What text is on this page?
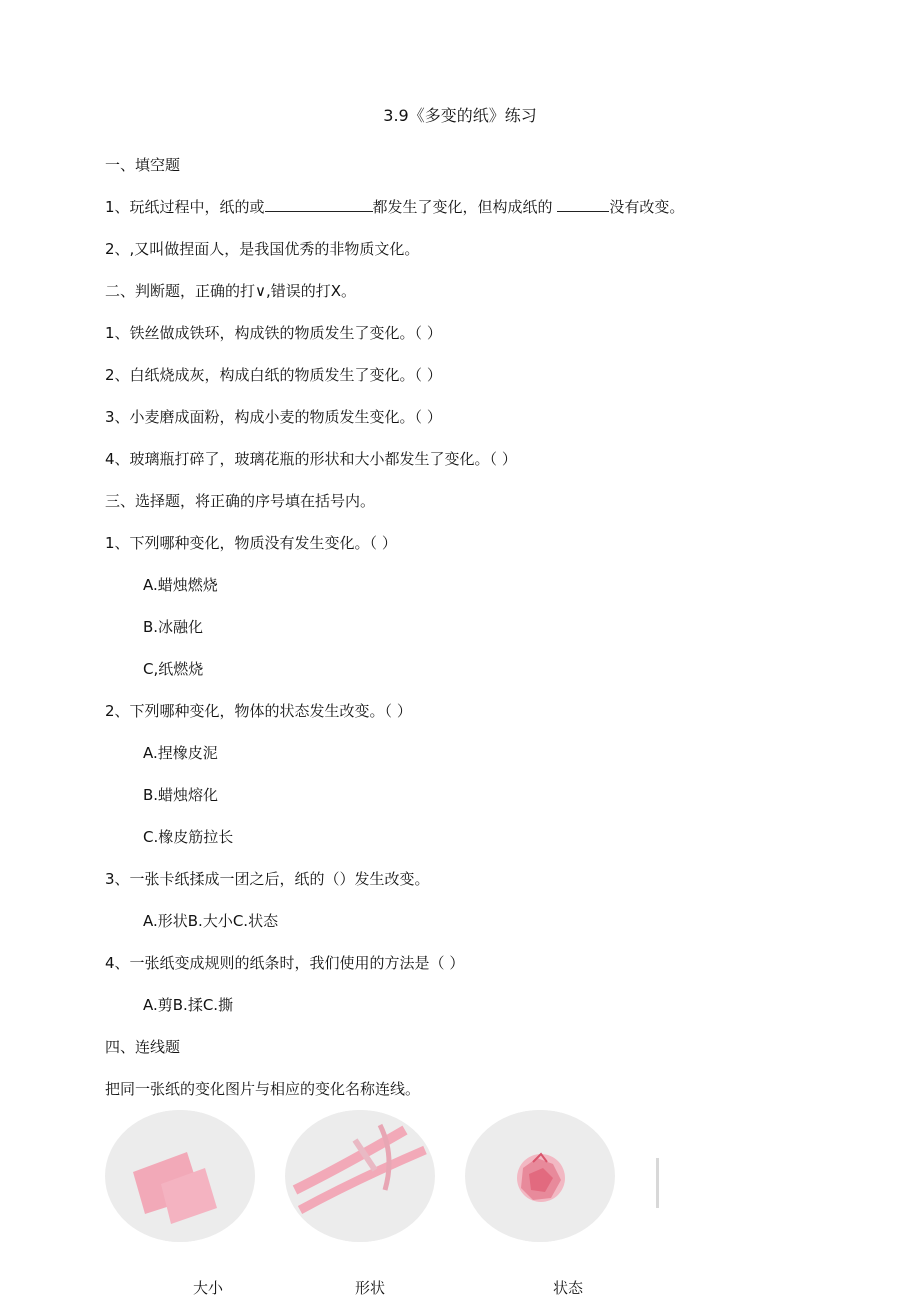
3.9《多变的纸》练习
一、填空题
1、玩纸过程中，纸的或	都发生了变化，但构成纸的	没有改变。
2、,又叫做捏面人，是我国优秀的非物质文化。
二、判断题，正确的打∨,错误的打X。
1、铁丝做成铁环，构成铁的物质发生了变化。（ ）
2、白纸烧成灰，构成白纸的物质发生了变化。（ ）
3、小麦磨成面粉，构成小麦的物质发生变化。（ ）
4、玻璃瓶打碎了，玻璃花瓶的形状和大小都发生了变化。（ ）
三、选择题，将正确的序号填在括号内。
1、下列哪种变化，物质没有发生变化。（ ）
A.蜡烛燃烧
B.冰融化
C,纸燃烧
2、下列哪种变化，物体的状态发生改变。（ ）
A.捏橡皮泥
B.蜡烛熔化
C.橡皮筋拉长
3、一张卡纸揉成一团之后，纸的（）发生改变。
A.形状B.大小C.状态
4、一张纸变成规则的纸条时，我们使用的方法是（ ）
A.剪B.揉C.撕
四、连线题
把同一张纸的变化图片与相应的变化名称连线。
大小	形状	状态
